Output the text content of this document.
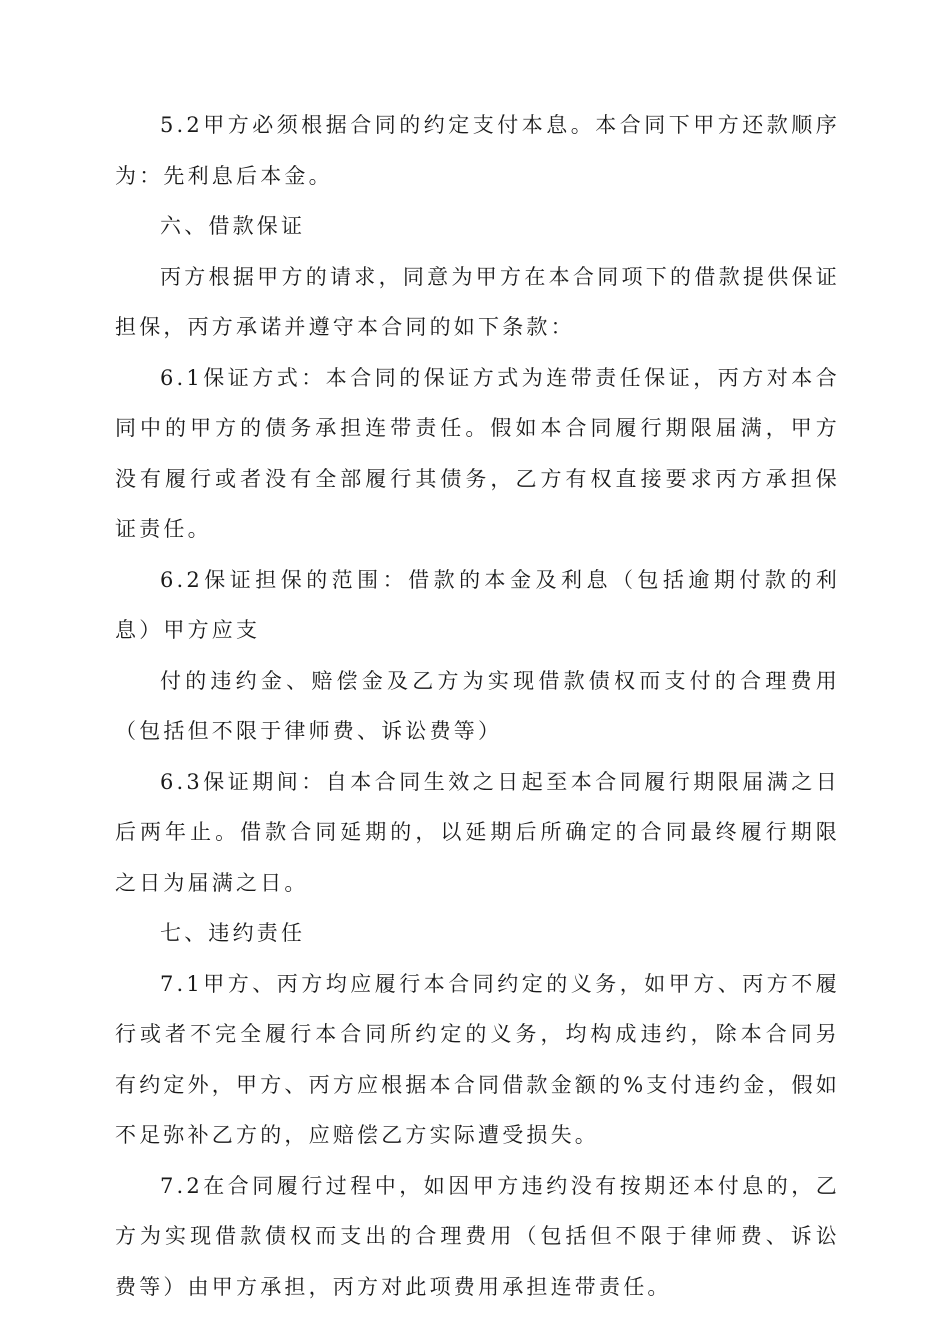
5.2甲方必须根据合同的约定支付本息。本合同下甲方还款顺序为：先利息后本金。

六、借款保证

丙方根据甲方的请求，同意为甲方在本合同项下的借款提供保证担保，丙方承诺并遵守本合同的如下条款：

6.1保证方式：本合同的保证方式为连带责任保证，丙方对本合同中的甲方的债务承担连带责任。假如本合同履行期限届满，甲方没有履行或者没有全部履行其债务，乙方有权直接要求丙方承担保证责任。

6.2保证担保的范围：借款的本金及利息（包括逾期付款的利息）甲方应支

付的违约金、赔偿金及乙方为实现借款债权而支付的合理费用（包括但不限于律师费、诉讼费等）

6.3保证期间：自本合同生效之日起至本合同履行期限届满之日后两年止。借款合同延期的，以延期后所确定的合同最终履行期限之日为届满之日。

七、违约责任

7.1甲方、丙方均应履行本合同约定的义务，如甲方、丙方不履行或者不完全履行本合同所约定的义务，均构成违约，除本合同另有约定外，甲方、丙方应根据本合同借款金额的%支付违约金，假如不足弥补乙方的，应赔偿乙方实际遭受损失。

7.2在合同履行过程中，如因甲方违约没有按期还本付息的，乙方为实现借款债权而支出的合理费用（包括但不限于律师费、诉讼费等）由甲方承担，丙方对此项费用承担连带责任。
